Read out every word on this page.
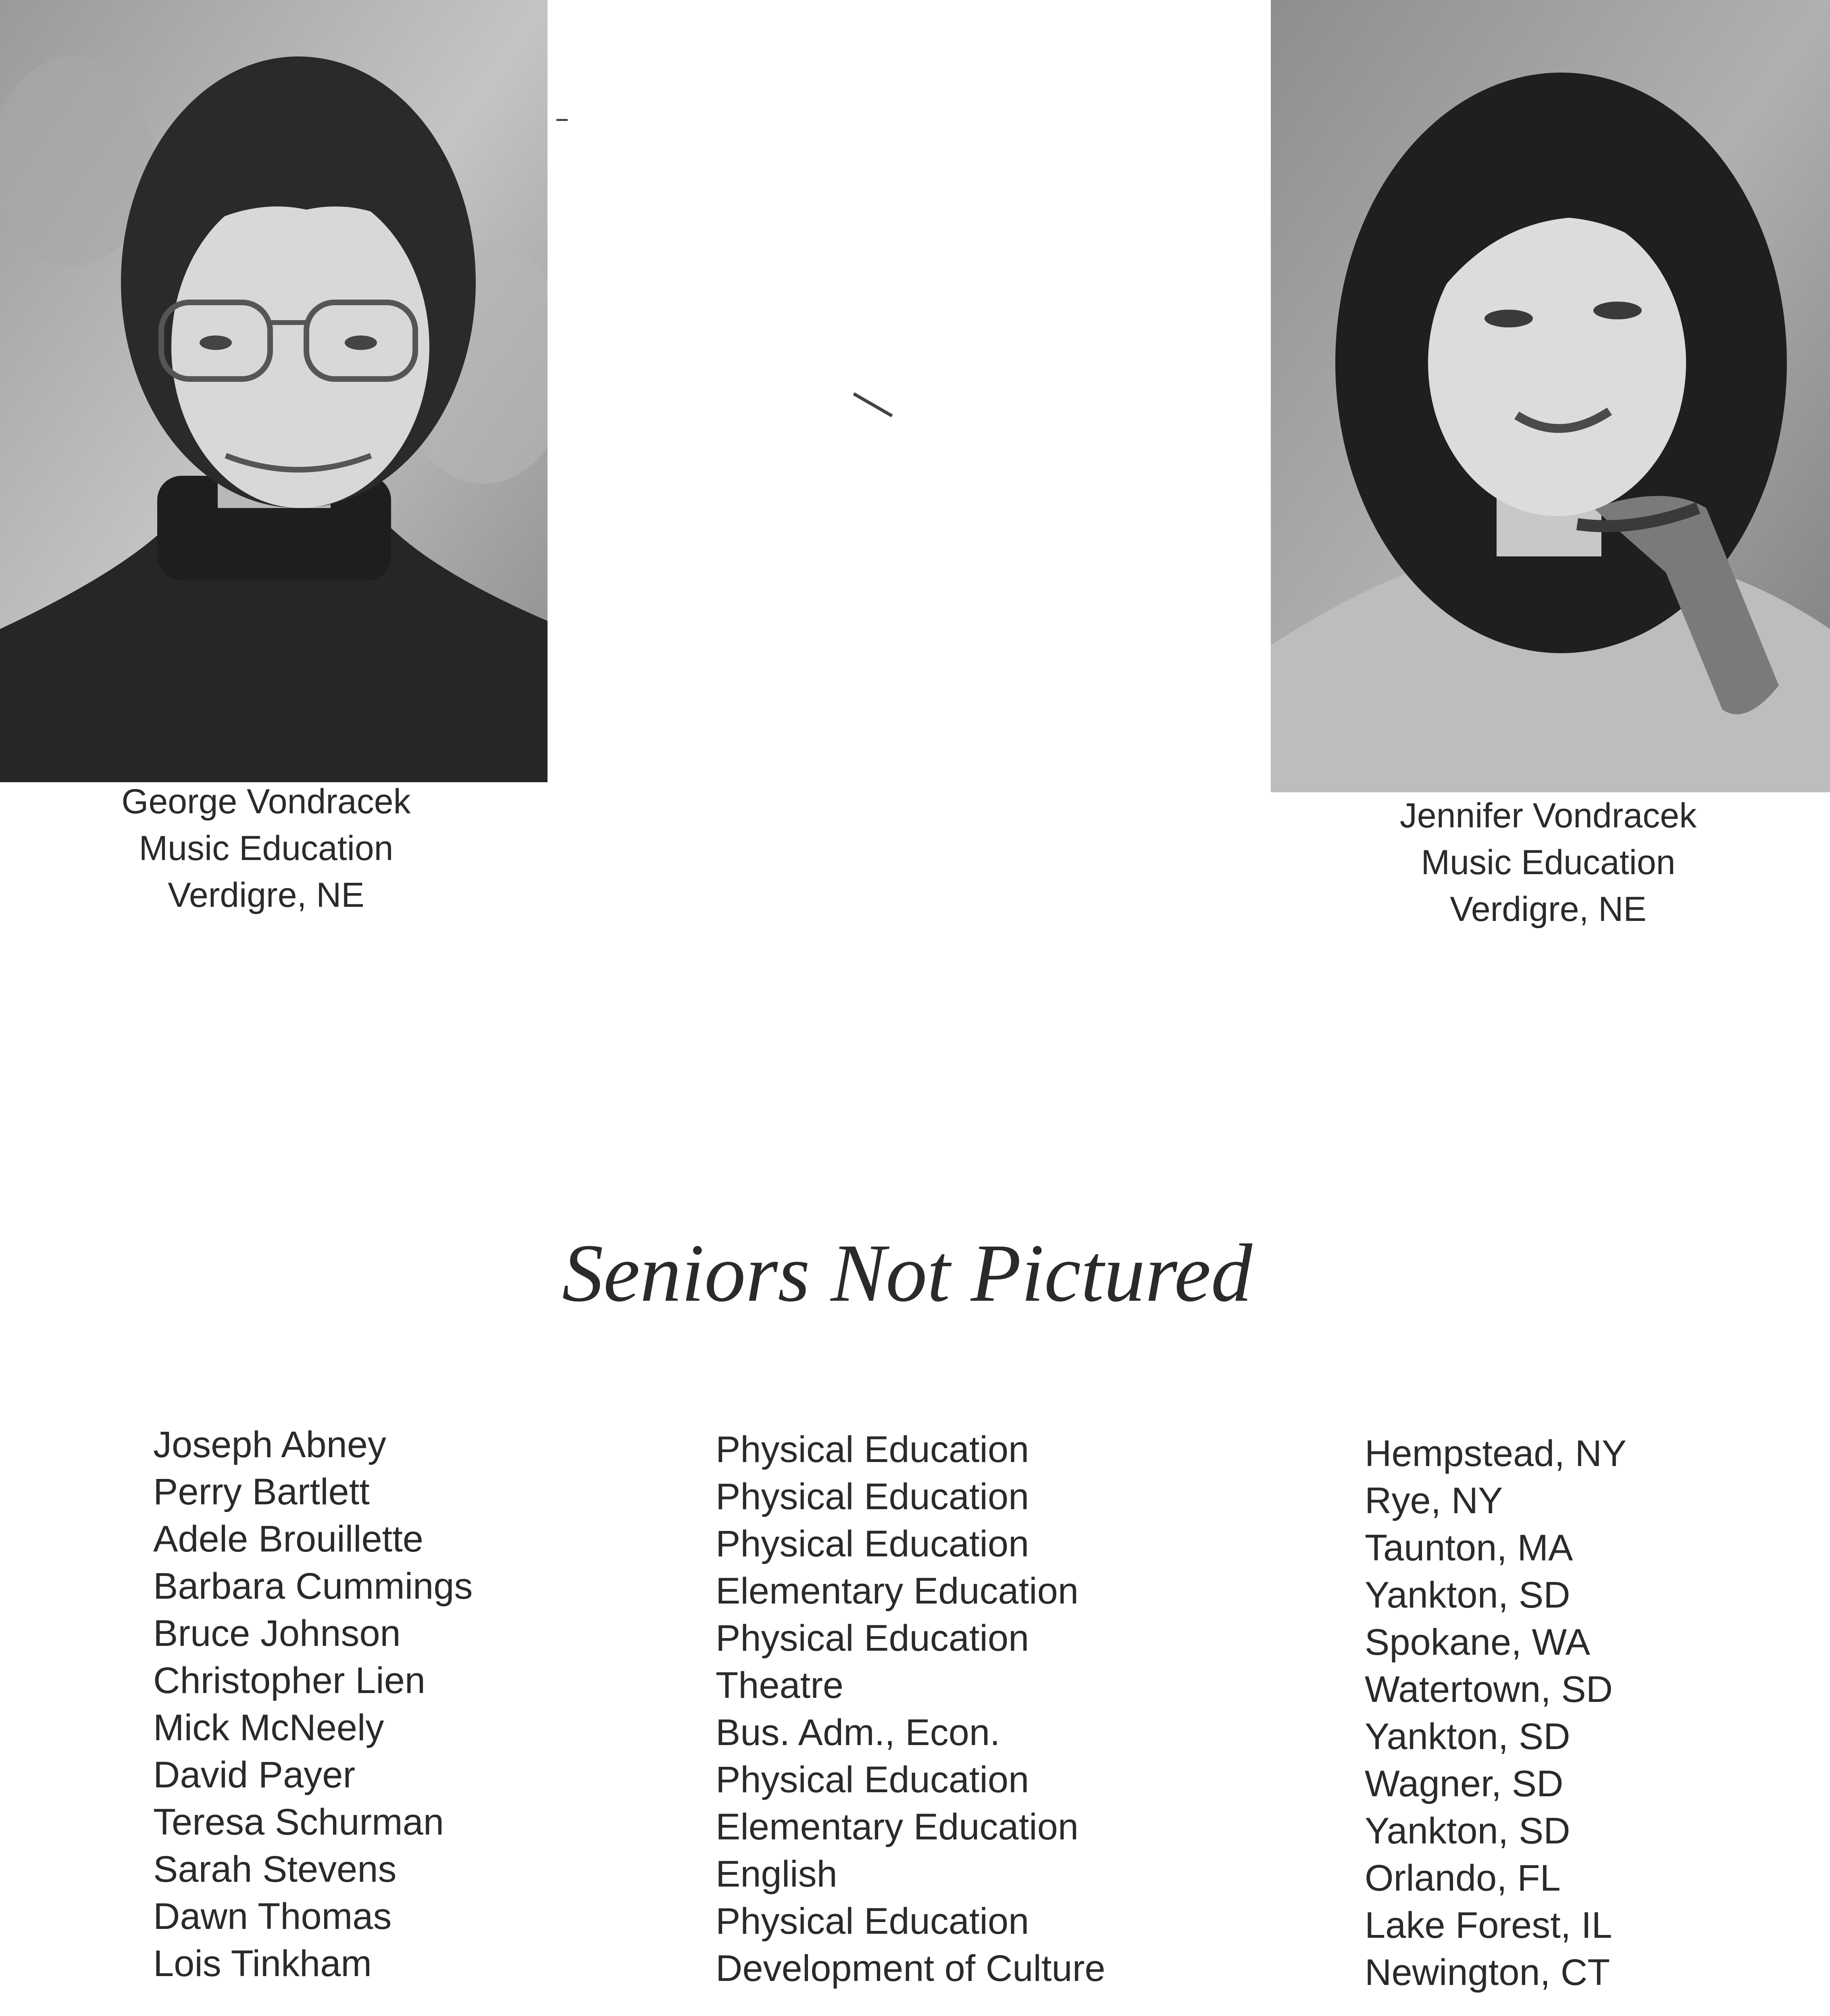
George Vondracek
Music Education
Verdigre, NE
Jennifer Vondracek
Music Education
Verdigre, NE
Seniors Not Pictured
Joseph Abney
Perry Bartlett
Adele Brouillette
Barbara Cummings
Bruce Johnson
Christopher Lien
Mick McNeely
David Payer
Teresa Schurman
Sarah Stevens
Dawn Thomas
Lois Tinkham
Physical Education
Physical Education
Physical Education
Elementary Education
Physical Education
Theatre
Bus. Adm., Econ.
Physical Education
Elementary Education
English
Physical Education
Development of Culture
Hempstead, NY
Rye, NY
Taunton, MA
Yankton, SD
Spokane, WA
Watertown, SD
Yankton, SD
Wagner, SD
Yankton, SD
Orlando, FL
Lake Forest, IL
Newington, CT
